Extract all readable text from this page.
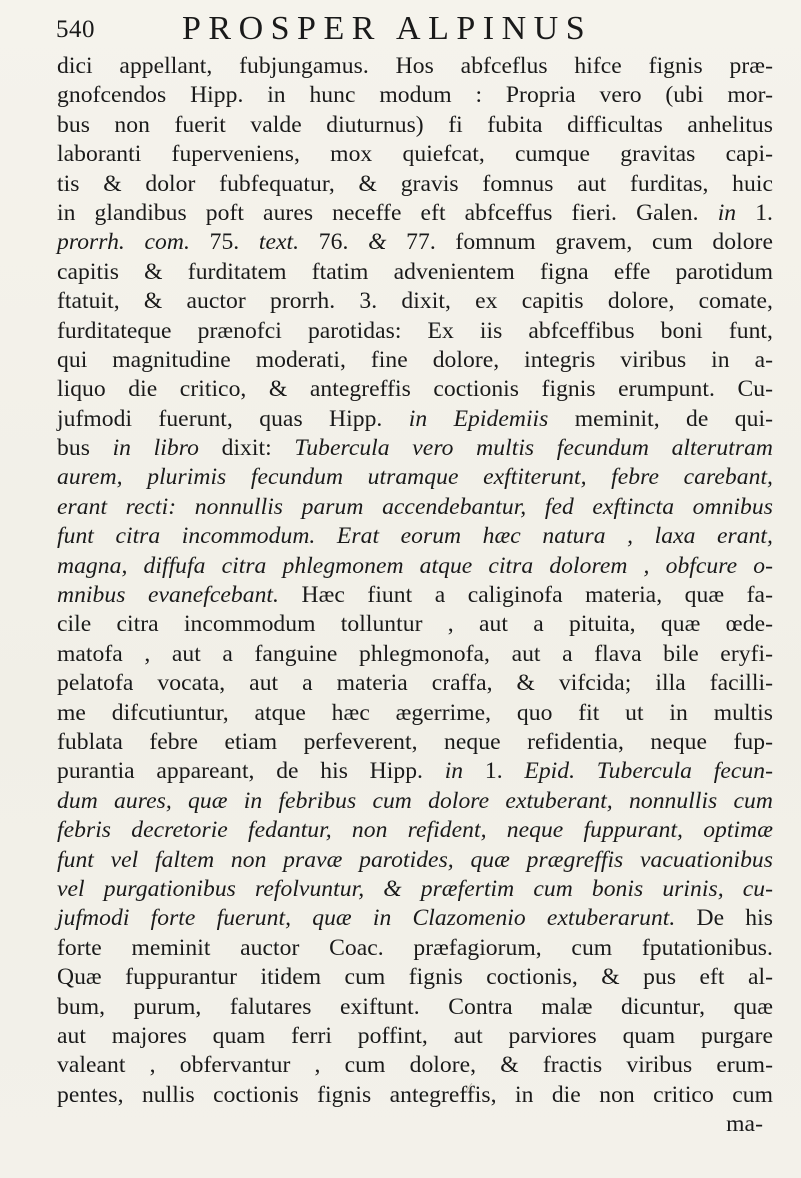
540	PROSPER ALPINUS
dici appellant, fubjungamus. Hos abfceflus hifce fignis præ-
gnofcendos Hipp. in hunc modum : Propria vero (ubi mor-
bus non fuerit valde diuturnus) fi fubita difficultas anhelitus
laboranti fuperveniens, mox quiefcat, cumque gravitas capi-
tis & dolor fubfequatur, & gravis fomnus aut furditas, huic
in glandibus poft aures neceffe eft abfceffus fieri. Galen. in 1.
prorrh. com. 75. text. 76. & 77. fomnum gravem, cum dolore
capitis & furditatem ftatim advenientem figna effe parotidum
ftatuit, & auctor prorrh. 3. dixit, ex capitis dolore, comate,
furditateque prænofci parotidas: Ex iis abfceffibus boni funt,
qui magnitudine moderati, fine dolore, integris viribus in a-
liquo die critico, & antegreffis coctionis fignis erumpunt. Cu-
jufmodi fuerunt, quas Hipp. in Epidemiis meminit, de qui-
bus in libro dixit: Tubercula vero multis fecundum alterutram
aurem, plurimis fecundum utramque exftiterunt, febre carebant,
erant recti: nonnullis parum accendebantur, fed exftincta omnibus
funt citra incommodum. Erat eorum hæc natura , laxa erant,
magna, diffufa citra phlegmonem atque citra dolorem , obfcure o-
mnibus evanefcebant. Hæc fiunt a caliginofa materia, quæ fa-
cile citra incommodum tolluntur , aut a pituita, quæ œde-
matofa , aut a fanguine phlegmonofa, aut a flava bile eryfi-
pelatofa vocata, aut a materia craffa, & vifcida; illa facilli-
me difcutiuntur, atque hæc ægerrime, quo fit ut in multis
fublata febre etiam perfeverent, neque refidentia, neque fup-
purantia appareant, de his Hipp. in 1. Epid. Tubercula fecun-
dum aures, quæ in febribus cum dolore extuberant, nonnullis cum
febris decretorie fedantur, non refident, neque fuppurant, optimæ
funt vel faltem non pravæ parotides, quæ prægreffis vacuationibus
vel purgationibus refolvuntur, & præfertim cum bonis urinis, cu-
jufmodi forte fuerunt, quæ in Clazomenio extuberarunt. De his
forte meminit auctor Coac. præfagiorum, cum fputationibus.
Quæ fuppurantur itidem cum fignis coctionis, & pus eft al-
bum, purum, falutares exiftunt. Contra malæ dicuntur, quæ
aut majores quam ferri poffint, aut parviores quam purgare
valeant , obfervantur , cum dolore, & fractis viribus erum-
pentes, nullis coctionis fignis antegreffis, in die non critico cum
ma-
